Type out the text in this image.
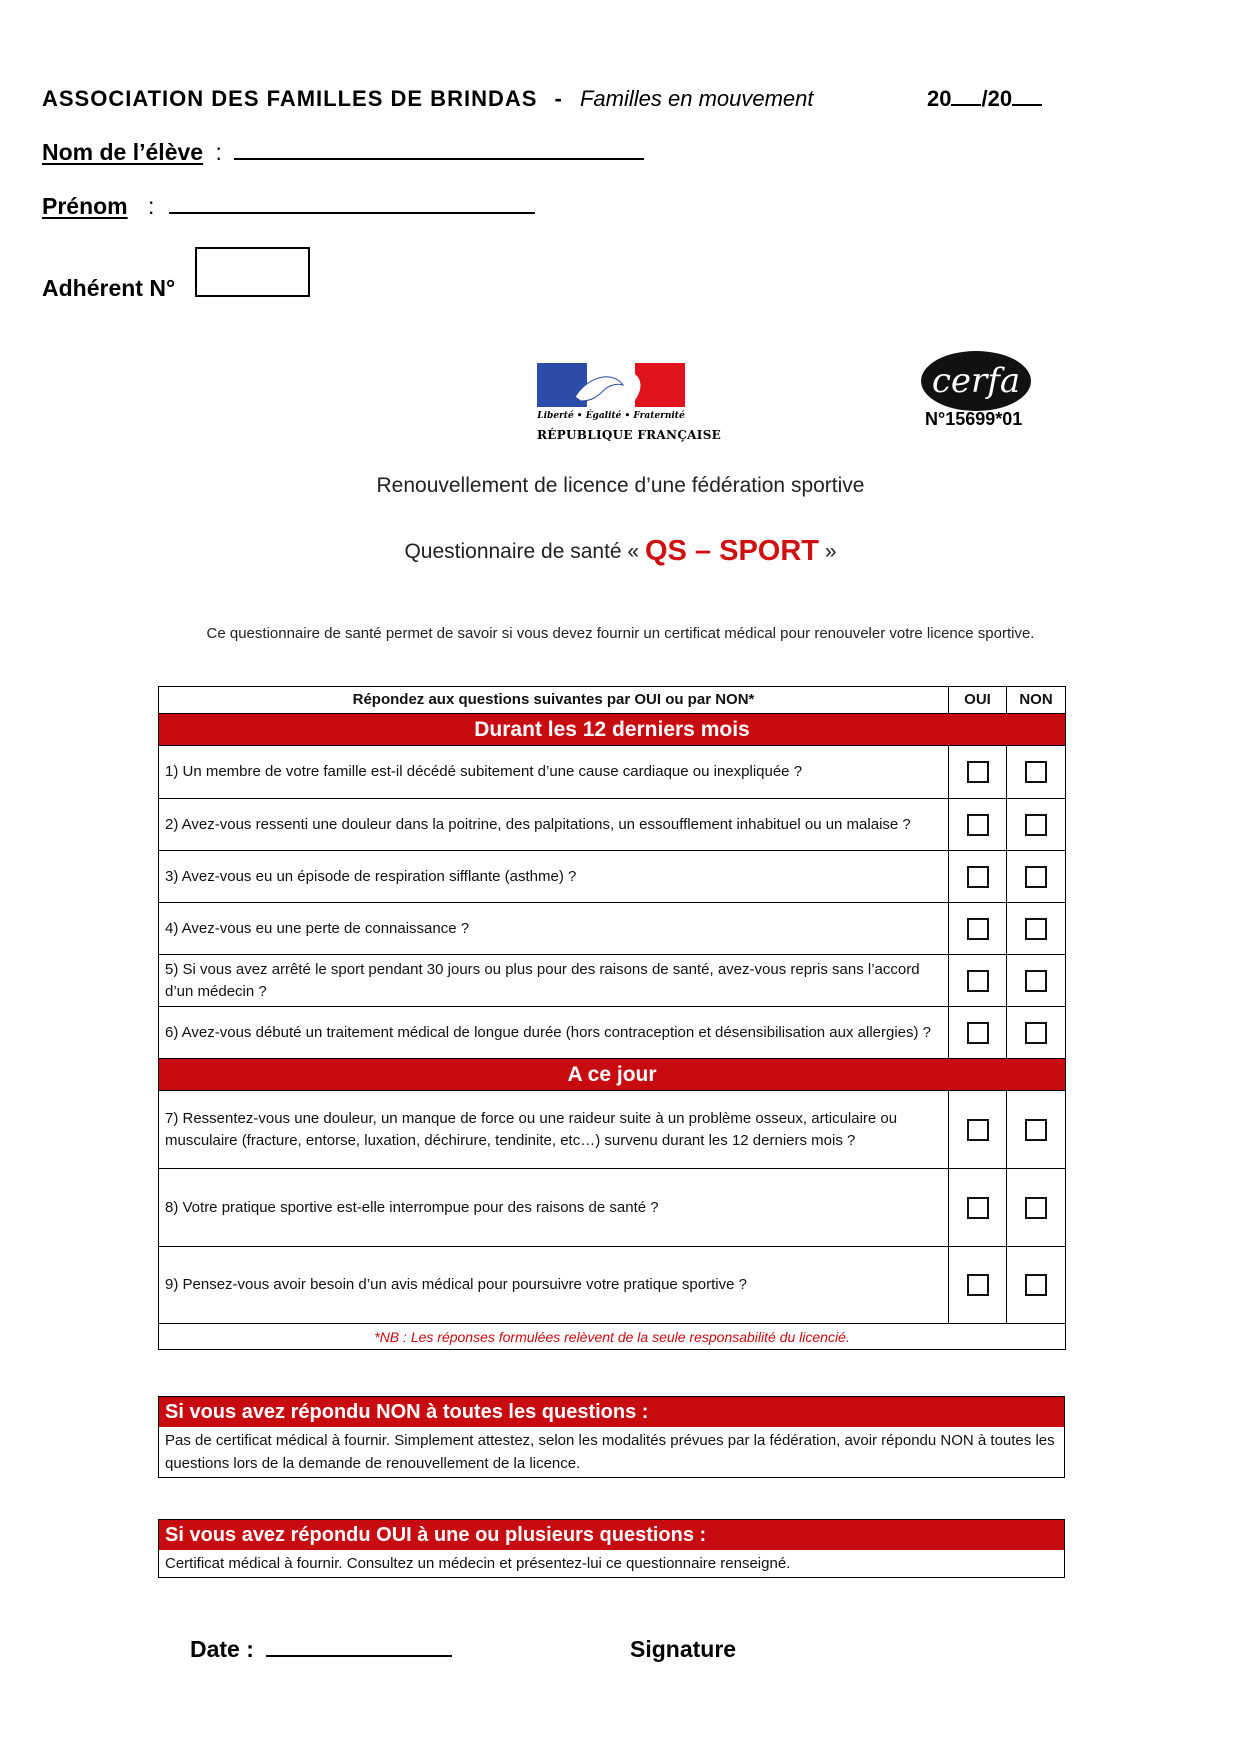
ASSOCIATION DES FAMILLES DE BRINDAS - Familles en mouvement	20 /20
Nom de l’élève :
Prénom :
Adhérent N°
Liberté • Égalité • Fraternité
RÉPUBLIQUE FRANÇAISE
cerfa
N°15699*01
Renouvellement de licence d’une fédération sportive
Questionnaire de santé « QS – SPORT »
Ce questionnaire de santé permet de savoir si vous devez fournir un certificat médical pour renouveler votre licence sportive.
Répondez aux questions suivantes par OUI ou par NON*	OUI	NON
Durant les 12 derniers mois		
1) Un membre de votre famille est-il décédé subitement d’une cause cardiaque ou inexpliquée ?		
2) Avez-vous ressenti une douleur dans la poitrine, des palpitations, un essoufflement inhabituel ou un malaise ?		
3) Avez-vous eu un épisode de respiration sifflante (asthme) ?		
4) Avez-vous eu une perte de connaissance ?		
5) Si vous avez arrêté le sport pendant 30 jours ou plus pour des raisons de santé, avez-vous repris sans l’accord d’un médecin ?		
6) Avez-vous débuté un traitement médical de longue durée (hors contraception et désensibilisation aux allergies) ?		
A ce jour		
7) Ressentez-vous une douleur, un manque de force ou une raideur suite à un problème osseux, articulaire ou musculaire (fracture, entorse, luxation, déchirure, tendinite, etc…) survenu durant les 12 derniers mois ?		
8) Votre pratique sportive est-elle interrompue pour des raisons de santé ?		
9) Pensez-vous avoir besoin d’un avis médical pour poursuivre votre pratique sportive ?		
*NB : Les réponses formulées relèvent de la seule responsabilité du licencié.		
Si vous avez répondu NON à toutes les questions :
Pas de certificat médical à fournir. Simplement attestez, selon les modalités prévues par la fédération, avoir répondu NON à toutes les questions lors de la demande de renouvellement de la licence.
Si vous avez répondu OUI à une ou plusieurs questions :
Certificat médical à fournir. Consultez un médecin et présentez-lui ce questionnaire renseigné.
Date :	Signature
